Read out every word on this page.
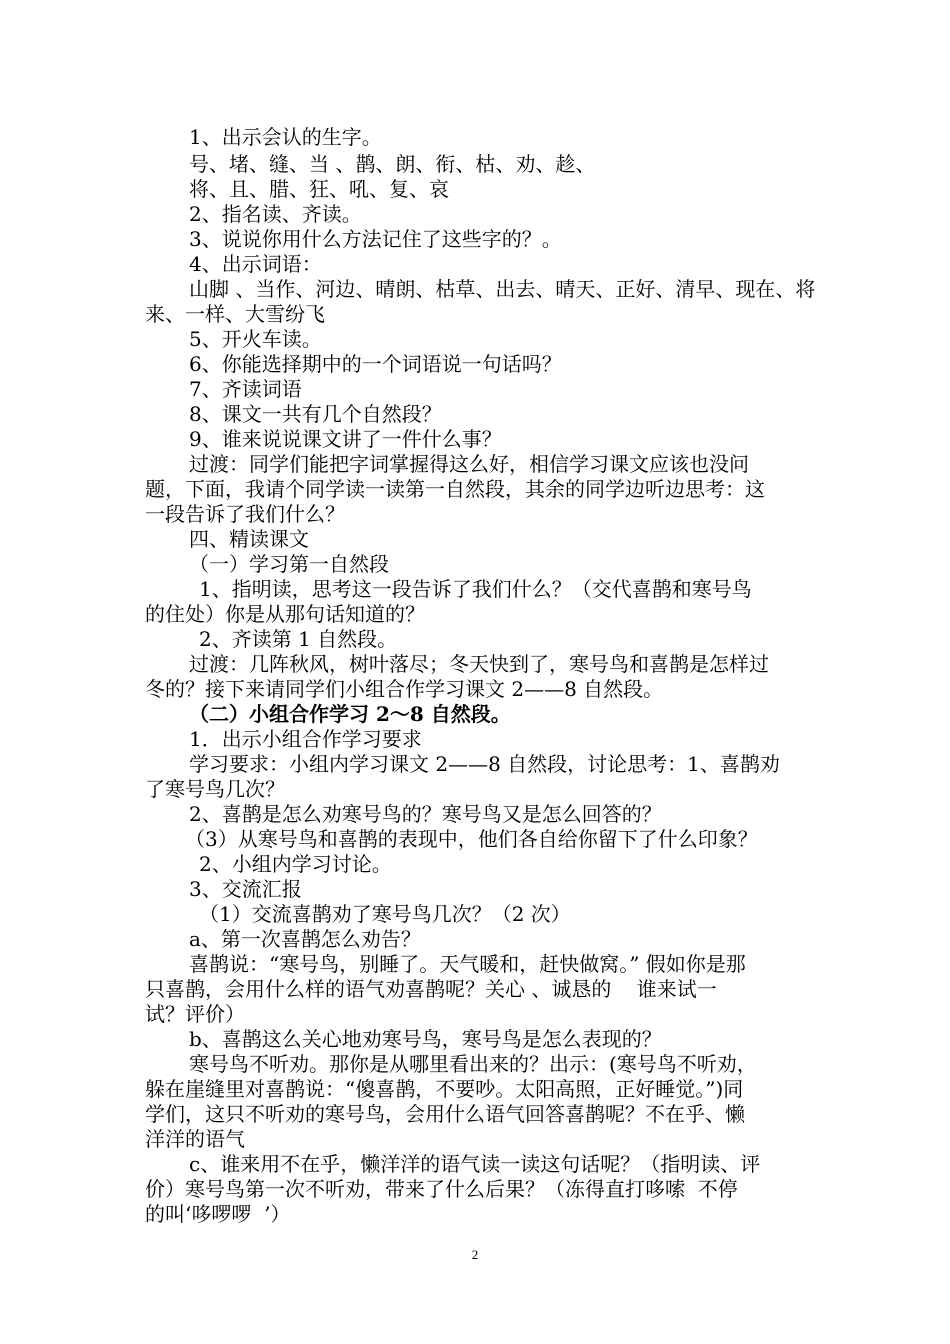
1、出示会认的生字。
号、堵、缝、当 、鹊、朗、衔、枯、劝、趁、
将、且、腊、狂、吼、复、哀
2、指名读、齐读。
3、说说你用什么方法记住了这些字的？。
4、出示词语：
山脚 、当作、河边、晴朗、枯草、出去、晴天、正好、清早、现在、将
来、一样、大雪纷飞
5、开火车读。
6、你能选择期中的一个词语说一句话吗？
7、齐读词语
8、课文一共有几个自然段？
9、谁来说说课文讲了一件什么事？
过渡：同学们能把字词掌握得这么好，相信学习课文应该也没问
题，下面，我请个同学读一读第一自然段，其余的同学边听边思考：这
一段告诉了我们什么？
四、精读课文
（一）学习第一自然段
1、指明读，思考这一段告诉了我们什么？（交代喜鹊和寒号鸟
的住处）你是从那句话知道的？
2、齐读第 1 自然段。
过渡：几阵秋风，树叶落尽；冬天快到了，寒号鸟和喜鹊是怎样过
冬的？接下来请同学们小组合作学习课文 2——8 自然段。
（二）小组合作学习 2～8 自然段。
1．出示小组合作学习要求
学习要求：小组内学习课文 2——8 自然段，讨论思考：1、喜鹊劝
了寒号鸟几次？
2、喜鹊是怎么劝寒号鸟的？寒号鸟又是怎么回答的？
（3）从寒号鸟和喜鹊的表现中，他们各自给你留下了什么印象？
2、小组内学习讨论。
3、交流汇报
（1）交流喜鹊劝了寒号鸟几次？（2 次）
a、第一次喜鹊怎么劝告？
喜鹊说：“寒号鸟，别睡了。天气暖和，赶快做窝。” 假如你是那
只喜鹊，会用什么样的语气劝喜鹊呢？关心 、诚恳的    谁来试一
试？评价）
b、喜鹊这么关心地劝寒号鸟，寒号鸟是怎么表现的？
寒号鸟不听劝。那你是从哪里看出来的？出示：(寒号鸟不听劝，
躲在崖缝里对喜鹊说：“傻喜鹊，不要吵。太阳高照，正好睡觉。”)同
学们，这只不听劝的寒号鸟，会用什么语气回答喜鹊呢？不在乎、懒
洋洋的语气
c、谁来用不在乎，懒洋洋的语气读一读这句话呢？（指明读、评
价）寒号鸟第一次不听劝，带来了什么后果？（冻得直打哆嗦  不停
的叫‘哆啰啰  ’）
2
